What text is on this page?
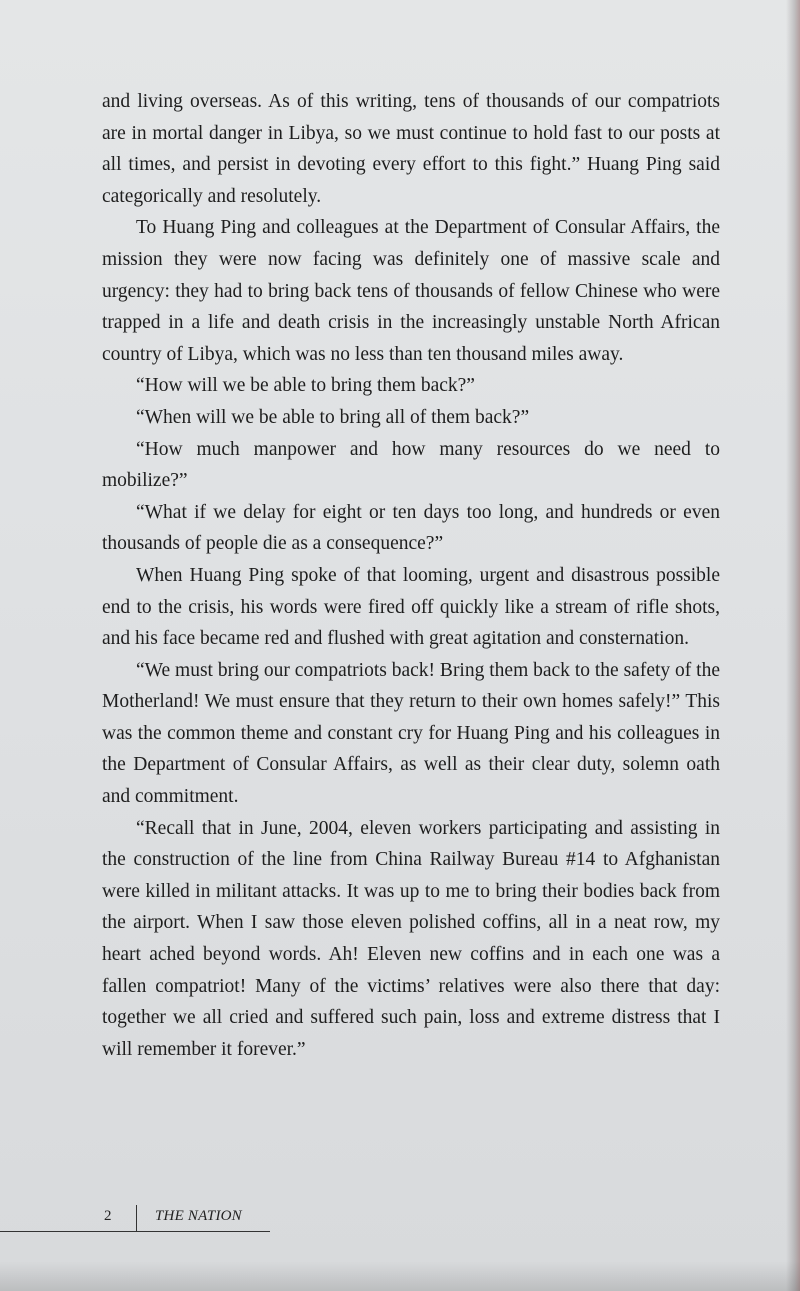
and living overseas. As of this writing, tens of thousands of our compatriots are in mortal danger in Libya, so we must continue to hold fast to our posts at all times, and persist in devoting every effort to this fight.” Huang Ping said categorically and resolutely.

To Huang Ping and colleagues at the Department of Consular Affairs, the mission they were now facing was definitely one of massive scale and urgency: they had to bring back tens of thousands of fellow Chinese who were trapped in a life and death crisis in the increasingly unstable North African country of Libya, which was no less than ten thousand miles away.

“How will we be able to bring them back?”

“When will we be able to bring all of them back?”

“How much manpower and how many resources do we need to mobilize?”

“What if we delay for eight or ten days too long, and hundreds or even thousands of people die as a consequence?”

When Huang Ping spoke of that looming, urgent and disastrous possible end to the crisis, his words were fired off quickly like a stream of rifle shots, and his face became red and flushed with great agitation and consternation.

“We must bring our compatriots back! Bring them back to the safety of the Motherland! We must ensure that they return to their own homes safely!” This was the common theme and constant cry for Huang Ping and his colleagues in the Department of Consular Affairs, as well as their clear duty, solemn oath and commitment.

“Recall that in June, 2004, eleven workers participating and assisting in the construction of the line from China Railway Bureau #14 to Afghanistan were killed in militant attacks. It was up to me to bring their bodies back from the airport. When I saw those eleven polished coffins, all in a neat row, my heart ached beyond words. Ah! Eleven new coffins and in each one was a fallen compatriot! Many of the victims’ relatives were also there that day: together we all cried and suffered such pain, loss and extreme distress that I will remember it forever.”

2	THE NATION
